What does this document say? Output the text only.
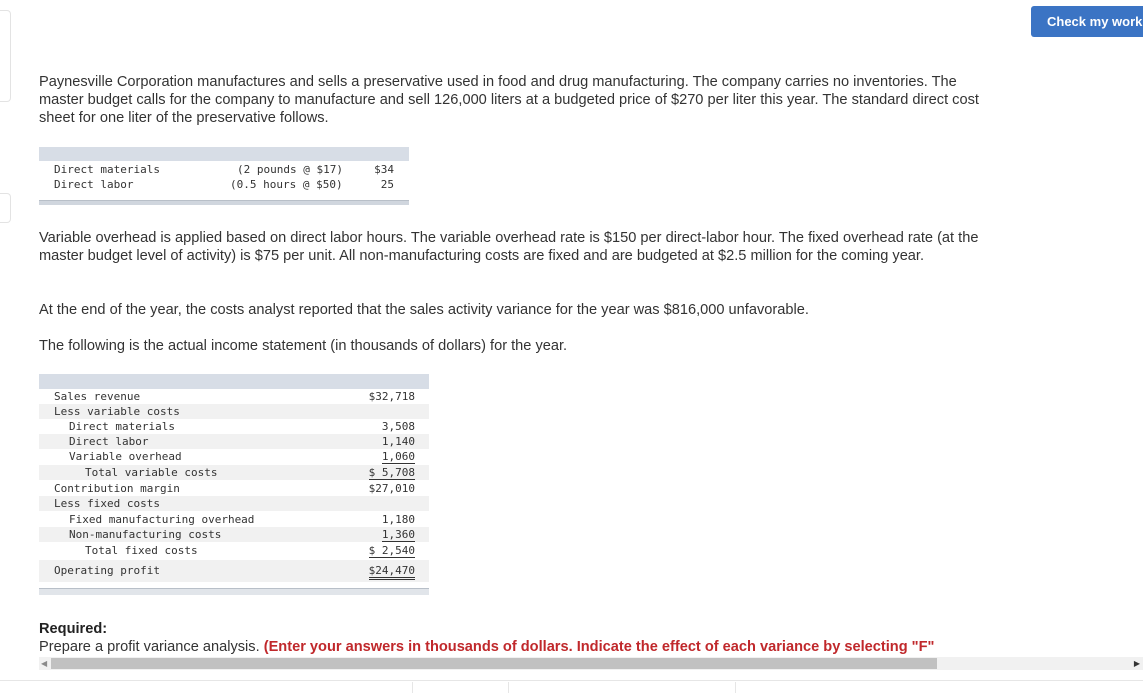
Check my work

Paynesville Corporation manufactures and sells a preservative used in food and drug manufacturing. The company carries no inventories. The master budget calls for the company to manufacture and sell 126,000 liters at a budgeted price of $270 per liter this year. The standard direct cost sheet for one liter of the preservative follows.

Direct materials	(2 pounds @ $17)	$34
Direct labor	(0.5 hours @ $50)	25

Variable overhead is applied based on direct labor hours. The variable overhead rate is $150 per direct-labor hour. The fixed overhead rate (at the master budget level of activity) is $75 per unit. All non-manufacturing costs are fixed and are budgeted at $2.5 million for the coming year.

At the end of the year, the costs analyst reported that the sales activity variance for the year was $816,000 unfavorable.

The following is the actual income statement (in thousands of dollars) for the year.

Sales revenue	$32,718
Less variable costs
Direct materials	3,508
Direct labor	1,140
Variable overhead	1,060
Total variable costs	$ 5,708
Contribution margin	$27,010
Less fixed costs
Fixed manufacturing overhead	1,180
Non-manufacturing costs	1,360
Total fixed costs	$ 2,540
Operating profit	$24,470
Required:
Prepare a profit variance analysis. (Enter your answers in thousands of dollars. Indicate the effect of each variance by selecting "F"
◀	▶
